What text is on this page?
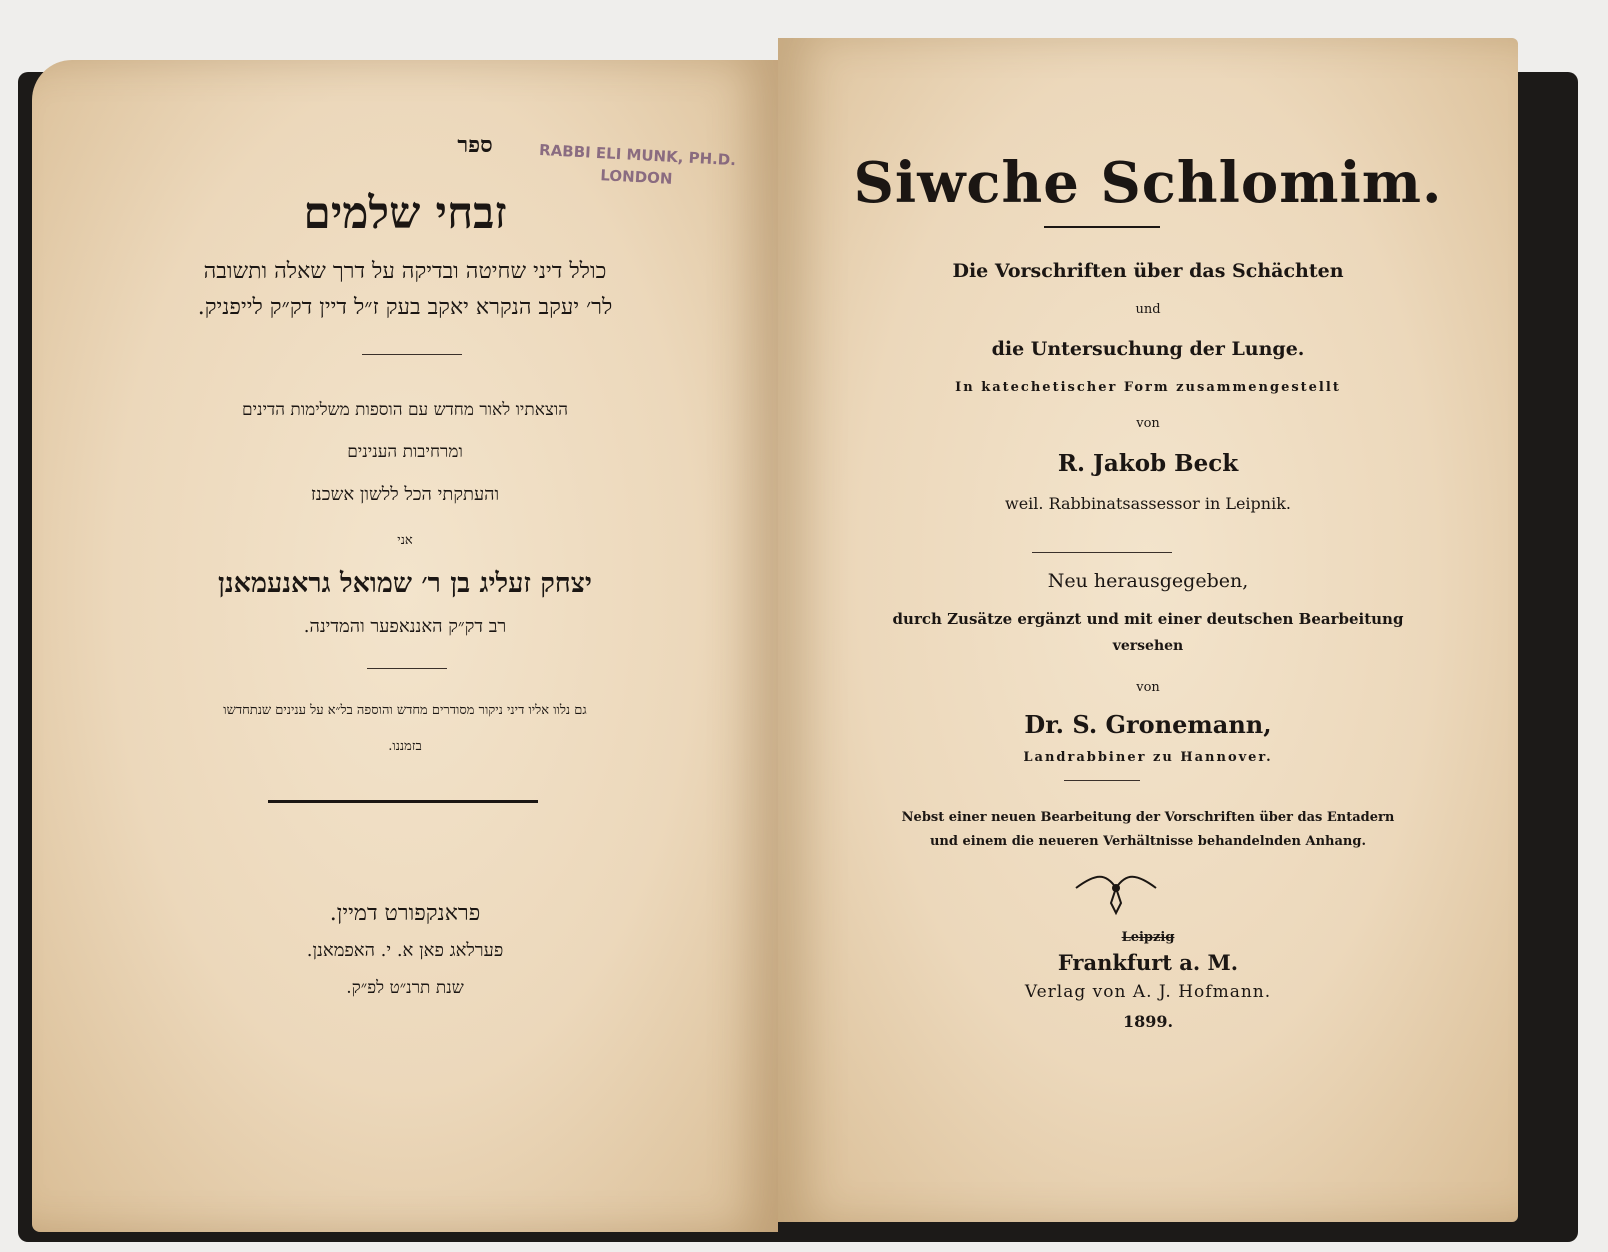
RABBI ELI MUNK, PH.D.
LONDON

ספר

זבחי שלמים

כולל דיני שחיטה ובדיקה על דרך שאלה ותשובה

לר׳ יעקב הנקרא יאקב בעק ז״ל דיין דק״ק לייפניק.

הוצאתיו לאור מחדש עם הוספות משלימות הדינים

ומרחיבות הענינים

והעתקתי הכל ללשון אשכנז

אני

יצחק זעליג בן ר׳ שמואל גראנעמאנן

רב דק״ק האננאפער והמדינה.

גם נלוו אליו דיני ניקור מסודרים מחדש והוספה בל״א על ענינים שנתחדשו

בזמננו.

פראנקפורט דמיין.

פערלאג פאן א. י. האפמאנן.

שנת תרנ״ט לפ״ק.

Siwche Schlomim.

Die Vorschriften über das Schächten

und

die Untersuchung der Lunge.

In katechetischer Form zusammengestellt

von

R. Jakob Beck

weil. Rabbinatsassessor in Leipnik.

Neu herausgegeben,

durch Zusätze ergänzt und mit einer deutschen Bearbeitung

versehen

von

Dr. S. Gronemann,

Landrabbiner zu Hannover.

Nebst einer neuen Bearbeitung der Vorschriften über das Entadern

und einem die neueren Verhältnisse behandelnden Anhang.

Leipzig

Frankfurt a. M.

Verlag von A. J. Hofmann.

1899.
